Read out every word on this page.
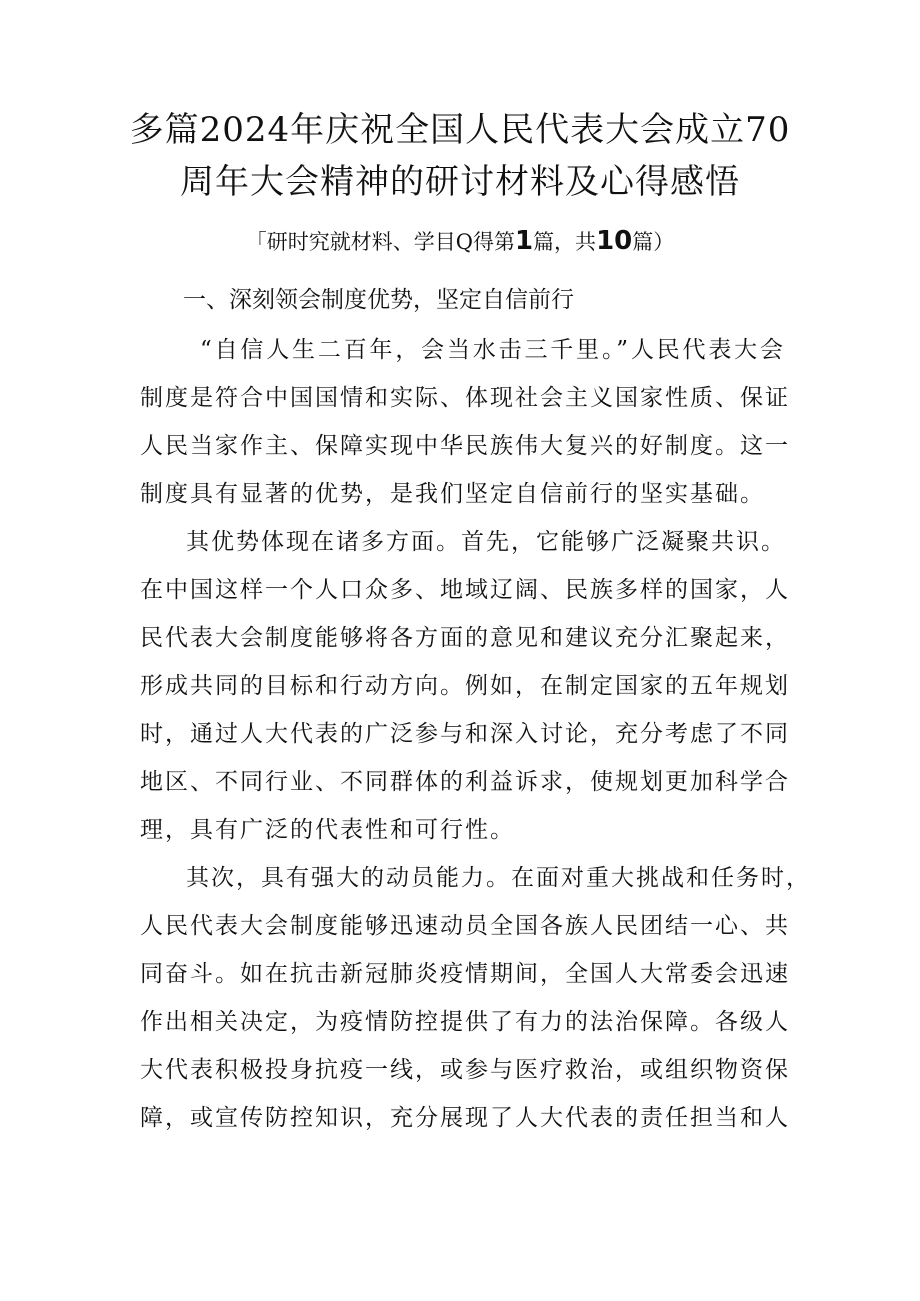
多篇2024年庆祝全国人民代表大会成立70
周年大会精神的研讨材料及心得感悟
「研时究就材料、学目Q得第1篇，共10篇）
一、深刻领会制度优势，坚定自信前行
“自信人生二百年，会当水击三千里。”人民代表大会
制度是符合中国国情和实际、体现社会主义国家性质、保证
人民当家作主、保障实现中华民族伟大复兴的好制度。这一
制度具有显著的优势，是我们坚定自信前行的坚实基础。
其优势体现在诸多方面。首先，它能够广泛凝聚共识。
在中国这样一个人口众多、地域辽阔、民族多样的国家，人
民代表大会制度能够将各方面的意见和建议充分汇聚起来，
形成共同的目标和行动方向。例如，在制定国家的五年规划
时，通过人大代表的广泛参与和深入讨论，充分考虑了不同
地区、不同行业、不同群体的利益诉求，使规划更加科学合
理，具有广泛的代表性和可行性。
其次，具有强大的动员能力。在面对重大挑战和任务时，
人民代表大会制度能够迅速动员全国各族人民团结一心、共
同奋斗。如在抗击新冠肺炎疫情期间，全国人大常委会迅速
作出相关决定，为疫情防控提供了有力的法治保障。各级人
大代表积极投身抗疫一线，或参与医疗救治，或组织物资保
障，或宣传防控知识，充分展现了人大代表的责任担当和人
